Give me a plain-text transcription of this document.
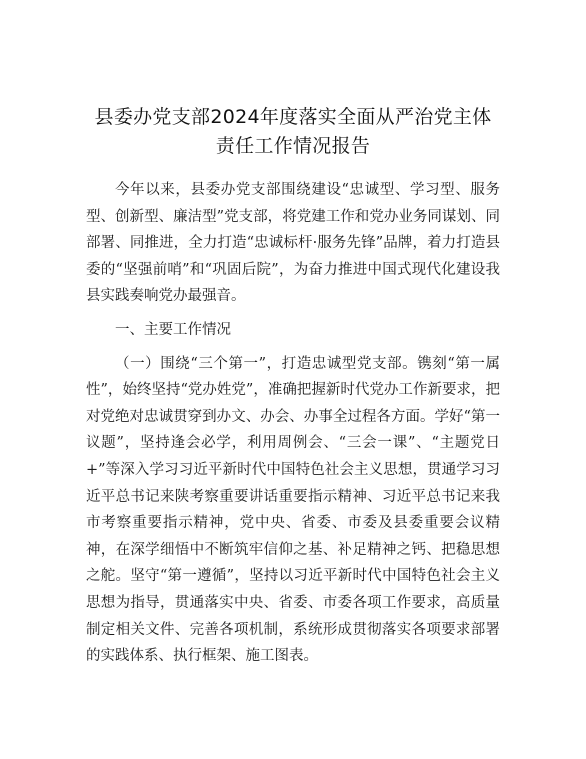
县委办党支部2024年度落实全面从严治党主体
责任工作情况报告

今年以来，县委办党支部围绕建设“忠诚型、学习型、服务型、创新型、廉洁型”党支部，将党建工作和党办业务同谋划、同部署、同推进，全力打造“忠诚标杆·服务先锋”品牌，着力打造县委的“坚强前哨”和“巩固后院”，为奋力推进中国式现代化建设我县实践奏响党办最强音。

一、主要工作情况

（一）围绕“三个第一”，打造忠诚型党支部。镌刻“第一属性”，始终坚持“党办姓党”，准确把握新时代党办工作新要求，把对党绝对忠诚贯穿到办文、办会、办事全过程各方面。学好“第一议题”，坚持逢会必学，利用周例会、“三会一课”、“主题党日+”等深入学习习近平新时代中国特色社会主义思想，贯通学习习近平总书记来陕考察重要讲话重要指示精神、习近平总书记来我市考察重要指示精神，党中央、省委、市委及县委重要会议精神，在深学细悟中不断筑牢信仰之基、补足精神之钙、把稳思想之舵。坚守“第一遵循”，坚持以习近平新时代中国特色社会主义思想为指导，贯通落实中央、省委、市委各项工作要求，高质量制定相关文件、完善各项机制，系统形成贯彻落实各项要求部署的实践体系、执行框架、施工图表。
